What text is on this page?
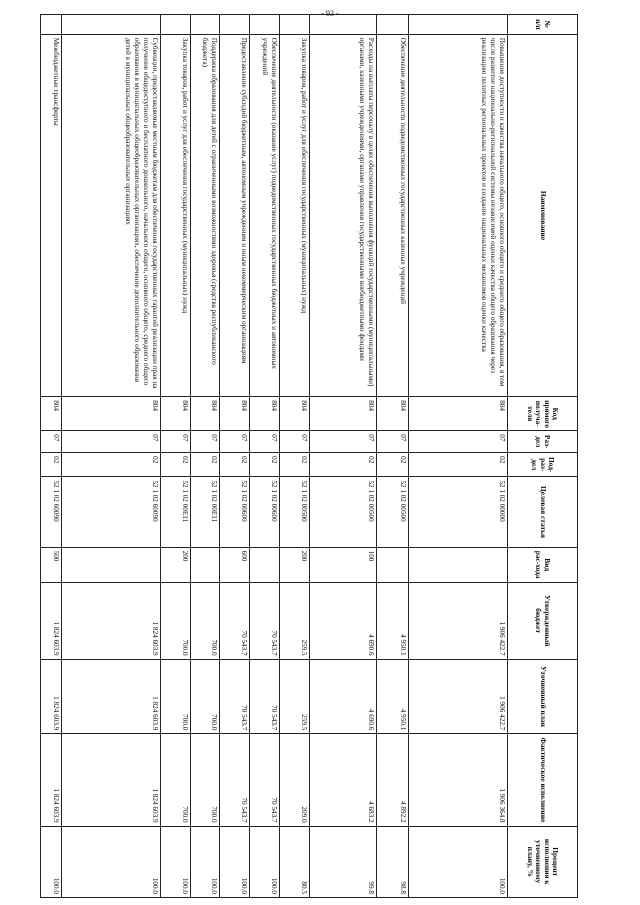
- 93 -
№ п/п	Наименование	Код прямого получа-теля	Раз-дел	Под-раз-дел	Целевая статья	Вид рас-хода	Утвержденный бюджет	Уточненный план	Фактическое исполнение	Процент исполнения к уточненному плану, %
	Повышение доступности и качества начального общего, основного общего и среднего общего образования, в том числе развитие национально-региональной системы независимой оценки качества общего образования через реализацию пилотных региональных проектов и создание национальных механизмов оценки качества	804	07	02	52 1 02 00000		1 906 422.7	1 906 422.7	1 906 364.8	100.0
	Обеспечение деятельности подведомственных государственных казенных учреждений	804	07	02	52 1 02 00500		4 950.1	4 950.1	4 892.2	98.8
	Расходы на выплаты персоналу в целях обеспечения выполнения функций государственными (муниципальными) органами, казенными учреждениями, органами управления государственными внебюджетными фондами	804	07	02	52 1 02 00500	100	4 690.6	4 690.6	4 683.2	99.8
	Закупка товаров, работ и услуг для обеспечения государственных (муниципальных) нужд	804	07	02	52 1 02 00500	200	259.5	259.5	209.0	80.5
	Обеспечение деятельности (оказание услуг) подведомственных государственных бюджетных и автономных учреждений	804	07	02	52 1 02 00600		70 543.7	70 543.7	70 543.7	100.0
	Предоставление субсидий бюджетным, автономным учреждениям и иным некоммерческим организациям	804	07	02	52 1 02 00600	600	70 543.7	70 543.7	70 543.7	100.0
	Поддержка образования для детей с ограниченными возможностями здоровья (средства республиканского бюджета)	804	07	02	52 1 02 00Е11		700.0	700.0	700.0	100.0
	Закупка товаров, работ и услуг для обеспечения государственных (муниципальных) нужд	804	07	02	52 1 02 00Е11	200	700.0	700.0	700.0	100.0
	Субвенции, предоставляемые местным бюджетам для обеспечения государственных гарантий реализации прав на получение общедоступного и бесплатного дошкольного, начального общего, основного общего, среднего общего образования в муниципальных общеобразовательных организациях, обеспечение дополнительного образования детей в муниципальных общеобразовательных организациях	804	07	02	52 1 02 60090		1 824 603.9	1 824 603.9	1 824 603.9	100.0
	Межбюджетные трансферты	804	07	02	52 1 02 60090	500	1 824 603.9	1 824 603.9	1 824 603.9	100.0
